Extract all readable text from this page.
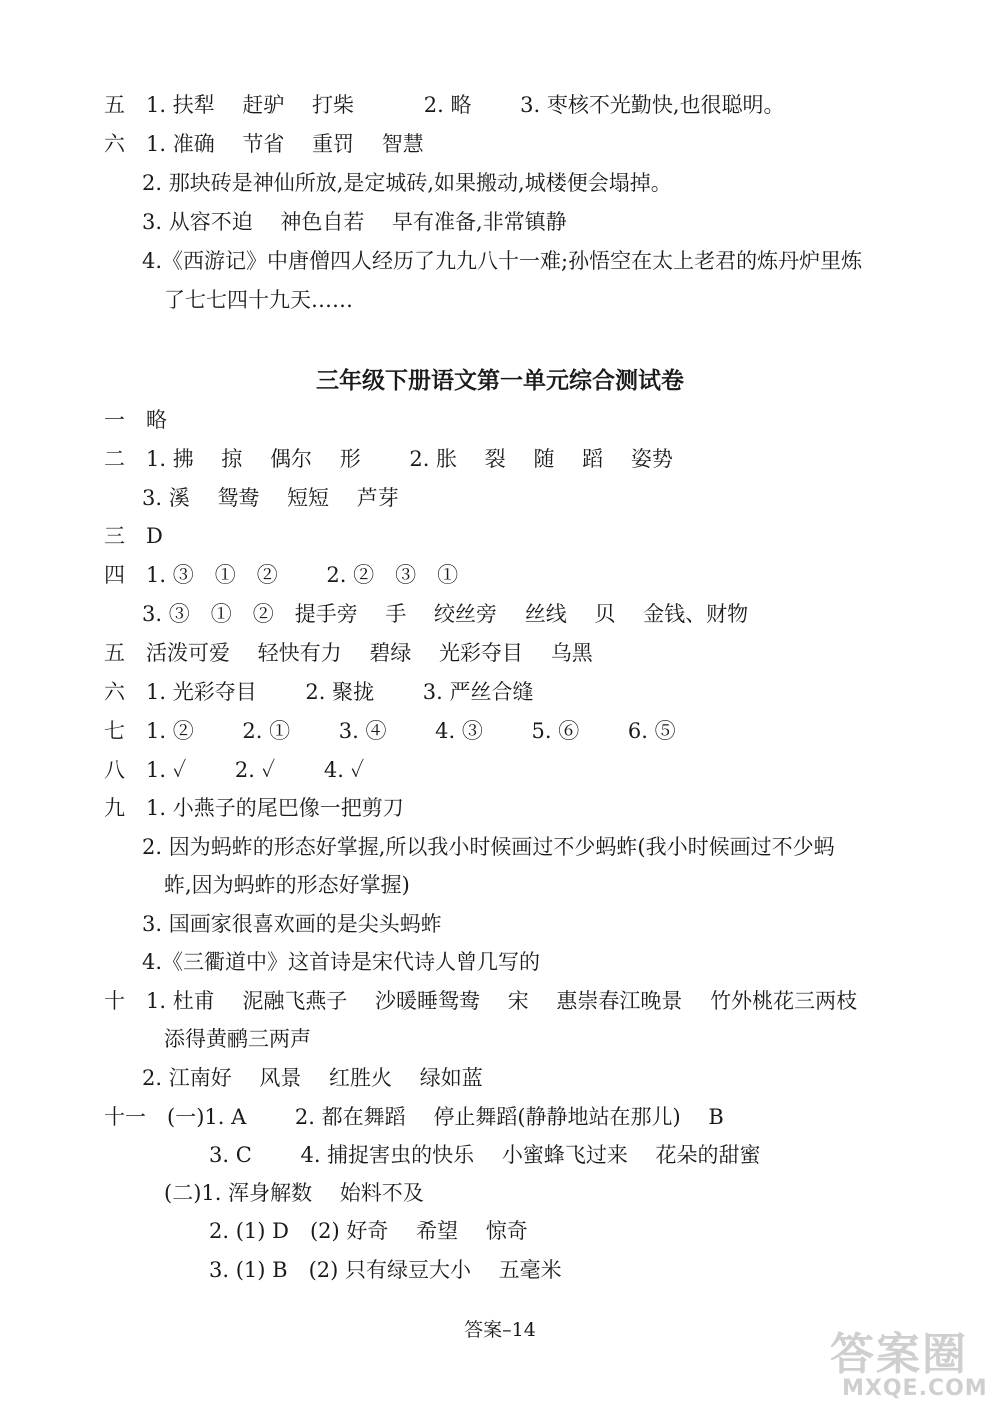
五　1. 扶犁　 赶驴　 打柴　　　 2. 略　　 3. 枣核不光勤快,也很聪明。
六　1. 准确　 节省　 重罚　 智慧
2. 那块砖是神仙所放,是定城砖,如果搬动,城楼便会塌掉。
3. 从容不迫　 神色自若　 早有准备,非常镇静
4.《西游记》中唐僧四人经历了九九八十一难;孙悟空在太上老君的炼丹炉里炼
了七七四十九天……
三年级下册语文第一单元综合测试卷
一　略
二　1. 拂　 掠　 偶尔　 形　　 2. 胀　 裂　 随　 蹈　 姿势
3. 溪　 鸳鸯　 短短　 芦芽
三　D
四　1. ③　①　②　　 2. ②　③　①
3. ③　①　②　提手旁　 手　 绞丝旁　 丝线　 贝　 金钱、财物
五　活泼可爱　 轻快有力　 碧绿　 光彩夺目　 乌黑
六　1. 光彩夺目　　 2. 聚拢　　 3. 严丝合缝
七　1. ②　　 2. ①　　 3. ④　　 4. ③　　 5. ⑥　　 6. ⑤
八　1. ✓　　 2. ✓　　 4. ✓
九　1. 小燕子的尾巴像一把剪刀
2. 因为蚂蚱的形态好掌握,所以我小时候画过不少蚂蚱(我小时候画过不少蚂
蚱,因为蚂蚱的形态好掌握)
3. 国画家很喜欢画的是尖头蚂蚱
4.《三衢道中》这首诗是宋代诗人曾几写的
十　1. 杜甫　 泥融飞燕子　 沙暖睡鸳鸯　 宋　 惠崇春江晚景　 竹外桃花三两枝
添得黄鹂三两声
2. 江南好　 风景　 红胜火　 绿如蓝
十一　(一)1. A　　 2. 都在舞蹈　 停止舞蹈(静静地站在那儿)　 B
3. C　　 4. 捕捉害虫的快乐　 小蜜蜂飞过来　 花朵的甜蜜
(二)1. 浑身解数　 始料不及
2. (1) D　(2) 好奇　 希望　 惊奇
3. (1) B　(2) 只有绿豆大小　 五毫米
答案–14	答案圈
MXQE.COM
